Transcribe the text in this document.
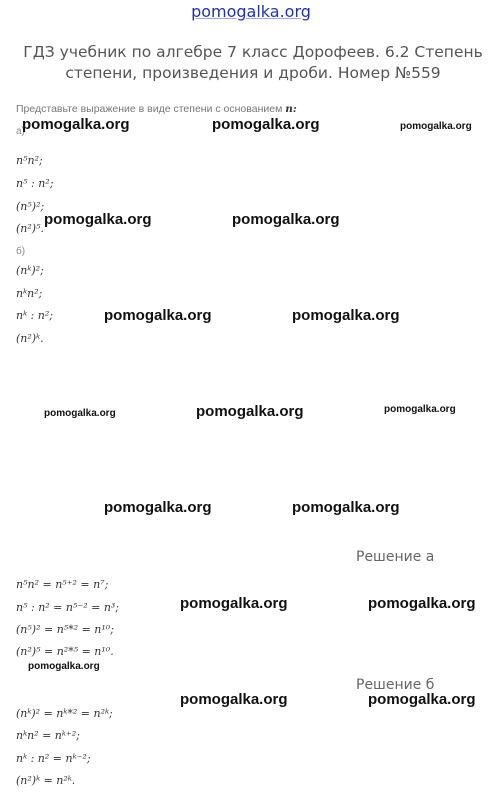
pomogalka.org
ГДЗ учебник по алгебре 7 класс Дорофеев. 6.2 Степень степени, произведения и дроби. Номер №559
Представьте выражение в виде степени с основанием n:
а)
n⁵n²;
n⁵ : n²;
(n⁵)²;
(n²)⁵.
б)
(nᵏ)²;
nᵏn²;
nᵏ : n²;
(n²)ᵏ.
Решение а
n⁵n² = n⁵⁺² = n⁷;
n⁵ : n² = n⁵⁻² = n³;
(n⁵)² = n⁵*² = n¹⁰;
(n²)⁵ = n²*⁵ = n¹⁰.
Решение б
(nᵏ)² = nᵏ*² = n²ᵏ;
nᵏn² = nᵏ⁺²;
nᵏ : n² = nᵏ⁻²;
(n²)ᵏ = n²ᵏ.
pomogalka.org	pomogalka.org	pomogalka.org
pomogalka.org	pomogalka.org
pomogalka.org	pomogalka.org
pomogalka.org	pomogalka.org	pomogalka.org
pomogalka.org	pomogalka.org
pomogalka.org	pomogalka.org
pomogalka.org
pomogalka.org	pomogalka.org
